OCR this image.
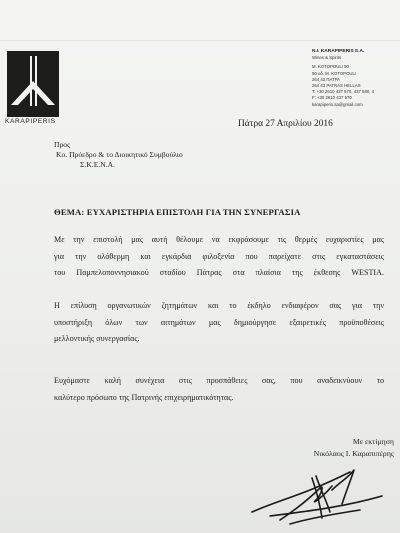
KARAPIPERIS
N.I. KARAPIPERIS S.A.
Wines & Spirits
M. KOTOPOULI 50
50 oδ. M. KOTOPOULI
264 43 ΠΑΤΡΑ
264 43 PATRAS HELLAS
T: +30 2610 437 570, 437 580, 4
F: +30 2610 437 570
karapiperis.sa@gmail.com
Πάτρα 27 Απριλίου 2016
Προς
Κο. Πρόεδρο & το Διοικητικό Συμβούλιο
Σ.Κ.Ε.Ν.Α.
ΘΕΜΑ: ΕΥΧΑΡΙΣΤΗΡΙΑ ΕΠΙΣΤΟΛΗ ΓΙΑ ΤΗΝ ΣΥΝΕΡΓΑΣΙΑ
Με την επιστολή μας αυτή θέλουμε να εκφράσουμε τις θερμές ευχαριστίες μας
για την ολόθερμη και εγκάρδια φιλοξενία που παρείχατε στις εγκαταστάσεις
του Παμπελοποννησιακού σταδίου Πάτρας στα πλαίσια της έκθεσης WESTIA.
Η επίλυση οργανωτικών ζητημάτων και το έκδηλο ενδιαφέρον σας για την
υποστήριξη όλων των αιτημάτων μας δημιούργησε εξαιρετικές προϋποθέσεις
μελλοντικής συνεργασίας.
Ευχόμαστε καλή συνέχεια στις προσπάθειες σας, που αναδεικνύουν το
καλύτερο πρόσωπο της Πατρινής επιχειρηματικότητας.
Με εκτίμηση
Νικόλαος Ι. Καραπιπέρης
